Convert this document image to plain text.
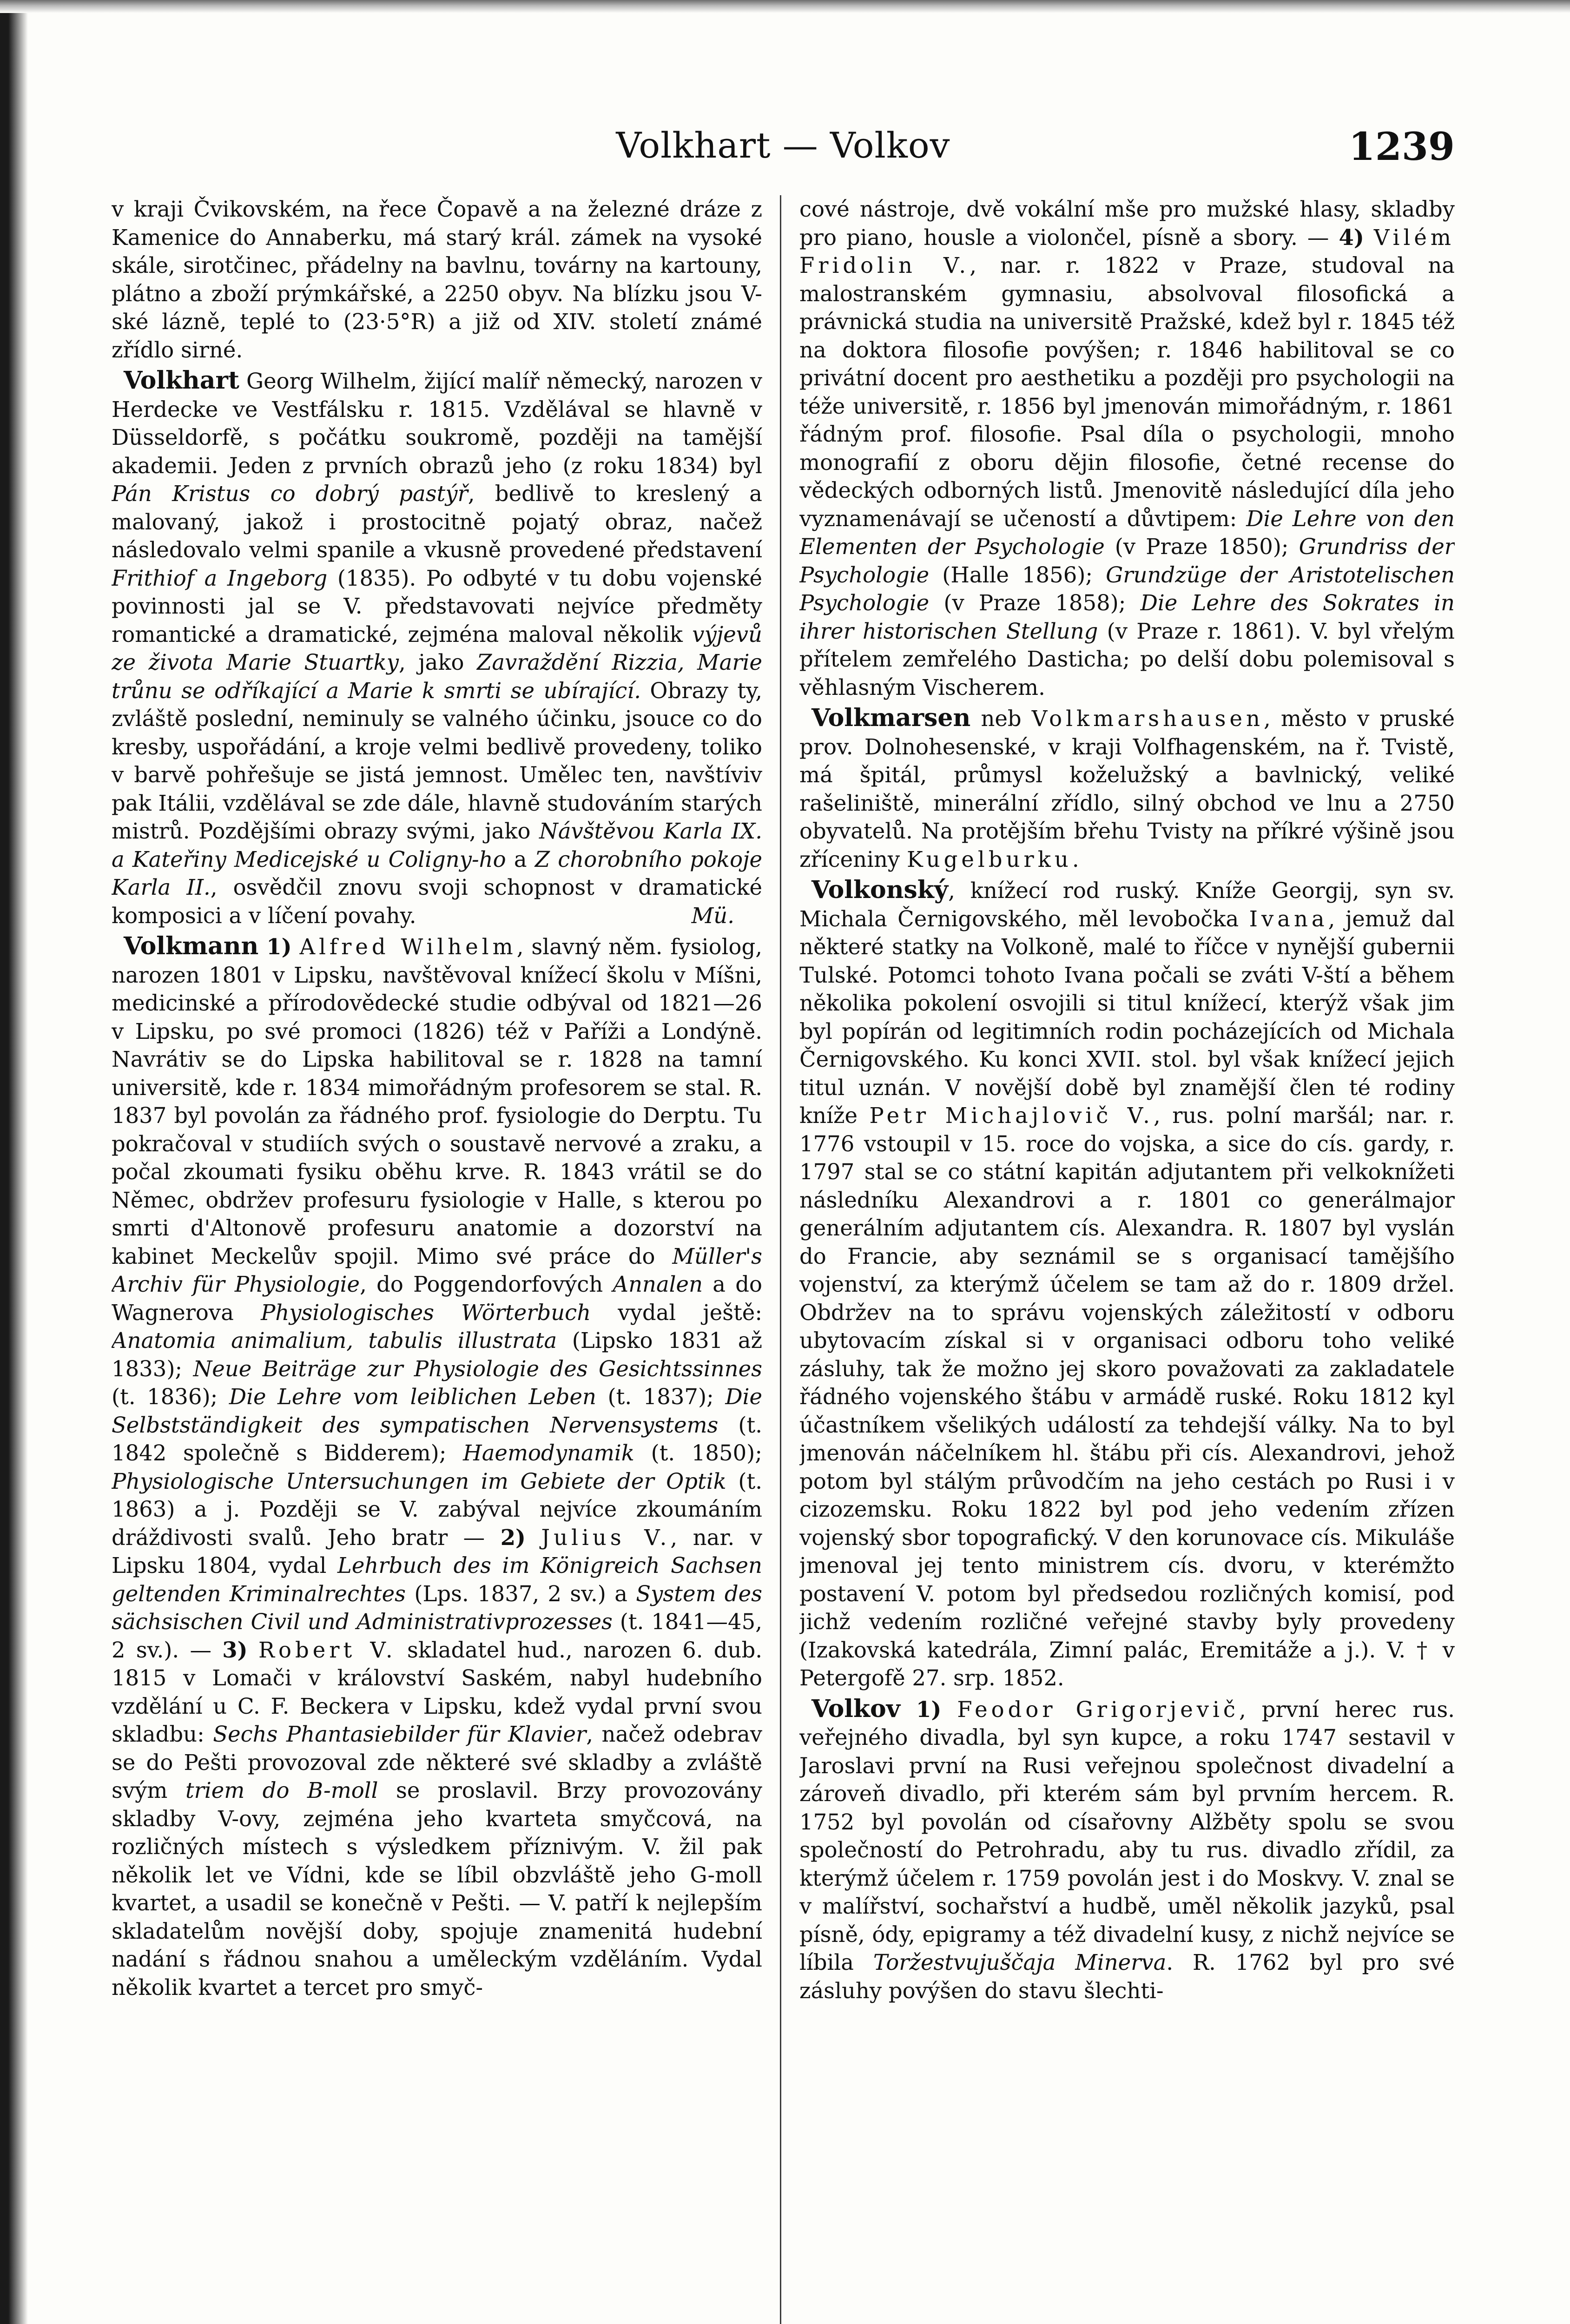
Volkhart — Volkov	1239

v kraji Čvikovském, na řece Čopavě a na železné dráze z Kamenice do Annaberku, má starý král. zámek na vysoké skále, sirotčinec, přádelny na bavlnu, továrny na kartouny, plátno a zboží prýmkářské, a 2250 obyv. Na blízku jsou V-ské lázně, teplé to (23·5°R) a již od XIV. století známé zřídlo sirné.

Volkhart Georg Wilhelm, žijící malíř německý, narozen v Herdecke ve Vestfálsku r. 1815. Vzdělával se hlavně v Düsseldorfě, s počátku soukromě, později na tamější akademii. Jeden z prvních obrazů jeho (z roku 1834) byl Pán Kristus co dobrý pastýř, bedlivě to kreslený a malovaný, jakož i prostocitně pojatý obraz, načež následovalo velmi spanile a vkusně provedené představení Frithiof a Ingeborg (1835). Po odbyté v tu dobu vojenské povinnosti jal se V. představovati nejvíce předměty romantické a dramatické, zejména maloval několik výjevů ze života Marie Stuartky, jako Zavraždění Rizzia, Marie trůnu se odříkající a Marie k smrti se ubírající. Obrazy ty, zvláště poslední, neminuly se valného účinku, jsouce co do kresby, uspořádání, a kroje velmi bedlivě provedeny, toliko v barvě pohřešuje se jistá jemnost. Umělec ten, navštíviv pak Itálii, vzdělával se zde dále, hlavně studováním starých mistrů. Pozdějšími obrazy svými, jako Návštěvou Karla IX. a Kateřiny Medicejské u Coligny-ho a Z chorobního pokoje Karla II., osvědčil znovu svoji schopnost v dramatické komposici a v líčení povahy.	Mü.

Volkmann 1) Alfred Wilhelm, slavný něm. fysiolog, narozen 1801 v Lipsku, navštěvoval knížecí školu v Míšni, medicinské a přírodovědecké studie odbýval od 1821—26 v Lipsku, po své promoci (1826) též v Paříži a Londýně. Navrátiv se do Lipska habilitoval se r. 1828 na tamní universitě, kde r. 1834 mimořádným profesorem se stal. R. 1837 byl povolán za řádného prof. fysiologie do Derptu. Tu pokračoval v studiích svých o soustavě nervové a zraku, a počal zkoumati fysiku oběhu krve. R. 1843 vrátil se do Němec, obdržev profesuru fysiologie v Halle, s kterou po smrti d'Altonově profesuru anatomie a dozorství na kabinet Meckelův spojil. Mimo své práce do Müller's Archiv für Physiologie, do Poggendorfových Annalen a do Wagnerova Physiologisches Wörterbuch vydal ještě: Anatomia animalium, tabulis illustrata (Lipsko 1831 až 1833); Neue Beiträge zur Physiologie des Gesichtssinnes (t. 1836); Die Lehre vom leiblichen Leben (t. 1837); Die Selbstständigkeit des sympatischen Nervensystems (t. 1842 společně s Bidderem); Haemodynamik (t. 1850); Physiologische Untersuchungen im Gebiete der Optik (t. 1863) a j. Později se V. zabýval nejvíce zkoumáním dráždivosti svalů. Jeho bratr — 2) Julius V., nar. v Lipsku 1804, vydal Lehrbuch des im Königreich Sachsen geltenden Kriminalrechtes (Lps. 1837, 2 sv.) a System des sächsischen Civil und Administrativprozesses (t. 1841—45, 2 sv.). — 3) Robert V. skladatel hud., narozen 6. dub. 1815 v Lomači v království Saském, nabyl hudebního vzdělání u C. F. Beckera v Lipsku, kdež vydal první svou skladbu: Sechs Phantasiebilder für Klavier, načež odebrav se do Pešti provozoval zde některé své skladby a zvláště svým triem do B-moll se proslavil. Brzy provozovány skladby V-ovy, zejména jeho kvarteta smyčcová, na rozličných místech s výsledkem příznivým. V. žil pak několik let ve Vídni, kde se líbil obzvláště jeho G-moll kvartet, a usadil se konečně v Pešti. — V. patří k nejlepším skladatelům novější doby, spojuje znamenitá hudební nadání s řádnou snahou a uměleckým vzděláním. Vydal několik kvartet a tercet pro smyč-

cové nástroje, dvě vokální mše pro mužské hlasy, skladby pro piano, housle a violončel, písně a sbory. — 4) Vilém Fridolin V., nar. r. 1822 v Praze, studoval na malostranském gymnasiu, absolvoval filosofická a právnická studia na universitě Pražské, kdež byl r. 1845 též na doktora filosofie povýšen; r. 1846 habilitoval se co privátní docent pro aesthetiku a později pro psychologii na téže universitě, r. 1856 byl jmenován mimořádným, r. 1861 řádným prof. filosofie. Psal díla o psychologii, mnoho monografií z oboru dějin filosofie, četné recense do vědeckých odborných listů. Jmenovitě následující díla jeho vyznamenávají se učeností a důvtipem: Die Lehre von den Elementen der Psychologie (v Praze 1850); Grundriss der Psychologie (Halle 1856); Grundzüge der Aristotelischen Psychologie (v Praze 1858); Die Lehre des Sokrates in ihrer historischen Stellung (v Praze r. 1861). V. byl vřelým přítelem zemřelého Dasticha; po delší dobu polemisoval s věhlasným Vischerem.

Volkmarsen neb Volkmarshausen, město v pruské prov. Dolnohesenské, v kraji Volfhagenském, na ř. Tvistě, má špitál, průmysl koželužský a bavlnický, veliké rašeliniště, minerální zřídlo, silný obchod ve lnu a 2750 obyvatelů. Na protějším břehu Tvisty na příkré výšině jsou zříceniny Kugelburku.

Volkonský, knížecí rod ruský. Kníže Georgij, syn sv. Michala Černigovského, měl levobočka Ivana, jemuž dal některé statky na Volkoně, malé to říčce v nynější gubernii Tulské. Potomci tohoto Ivana počali se zváti V-ští a během několika pokolení osvojili si titul knížecí, kterýž však jim byl popírán od legitimních rodin pocházejících od Michala Černigovského. Ku konci XVII. stol. byl však knížecí jejich titul uznán. V novější době byl znamější člen té rodiny kníže Petr Michajlovič V., rus. polní maršál; nar. r. 1776 vstoupil v 15. roce do vojska, a sice do cís. gardy, r. 1797 stal se co státní kapitán adjutantem při velkoknížeti následníku Alexandrovi a r. 1801 co generálmajor generálním adjutantem cís. Alexandra. R. 1807 byl vyslán do Francie, aby seznámil se s organisací tamějšího vojenství, za kterýmž účelem se tam až do r. 1809 držel. Obdržev na to správu vojenských záležitostí v odboru ubytovacím získal si v organisaci odboru toho veliké zásluhy, tak že možno jej skoro považovati za zakladatele řádného vojenského štábu v armádě ruské. Roku 1812 kyl účastníkem všelikých událostí za tehdejší války. Na to byl jmenován náčelníkem hl. štábu při cís. Alexandrovi, jehož potom byl stálým průvodčím na jeho cestách po Rusi i v cizozemsku. Roku 1822 byl pod jeho vedením zřízen vojenský sbor topografický. V den korunovace cís. Mikuláše jmenoval jej tento ministrem cís. dvoru, v kterémžto postavení V. potom byl předsedou rozličných komisí, pod jichž vedením rozličné veřejné stavby byly provedeny (Izakovská katedrála, Zimní palác, Eremitáže a j.). V. † v Petergofě 27. srp. 1852.

Volkov 1) Feodor Grigorjevič, první herec rus. veřejného divadla, byl syn kupce, a roku 1747 sestavil v Jaroslavi první na Rusi veřejnou společnost divadelní a zároveň divadlo, při kterém sám byl prvním hercem. R. 1752 byl povolán od císařovny Alžběty spolu se svou společností do Petrohradu, aby tu rus. divadlo zřídil, za kterýmž účelem r. 1759 povolán jest i do Moskvy. V. znal se v malířství, sochařství a hudbě, uměl několik jazyků, psal písně, ódy, epigramy a též divadelní kusy, z nichž nejvíce se líbila Toržestvujuščaja Minerva. R. 1762 byl pro své zásluhy povýšen do stavu šlechti-
